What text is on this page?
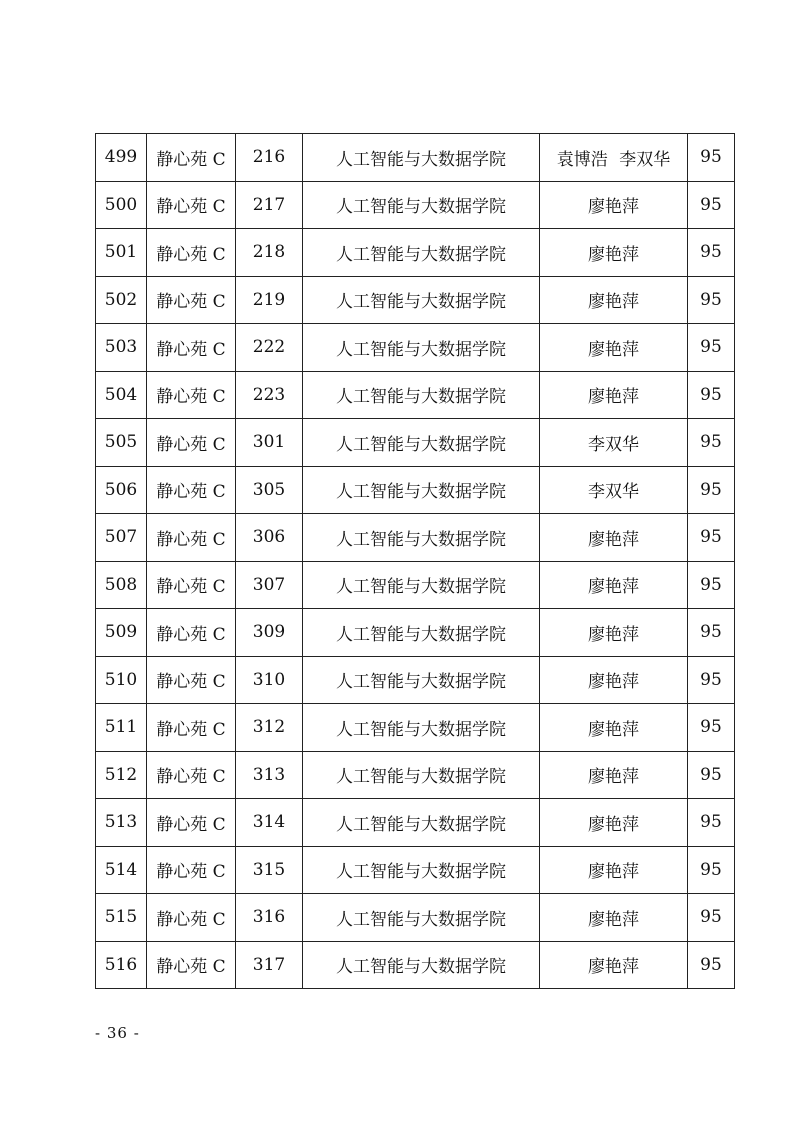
499	静心苑 C	216	人工智能与大数据学院	袁博浩 李双华	95
500	静心苑 C	217	人工智能与大数据学院	廖艳萍	95
501	静心苑 C	218	人工智能与大数据学院	廖艳萍	95
502	静心苑 C	219	人工智能与大数据学院	廖艳萍	95
503	静心苑 C	222	人工智能与大数据学院	廖艳萍	95
504	静心苑 C	223	人工智能与大数据学院	廖艳萍	95
505	静心苑 C	301	人工智能与大数据学院	李双华	95
506	静心苑 C	305	人工智能与大数据学院	李双华	95
507	静心苑 C	306	人工智能与大数据学院	廖艳萍	95
508	静心苑 C	307	人工智能与大数据学院	廖艳萍	95
509	静心苑 C	309	人工智能与大数据学院	廖艳萍	95
510	静心苑 C	310	人工智能与大数据学院	廖艳萍	95
511	静心苑 C	312	人工智能与大数据学院	廖艳萍	95
512	静心苑 C	313	人工智能与大数据学院	廖艳萍	95
513	静心苑 C	314	人工智能与大数据学院	廖艳萍	95
514	静心苑 C	315	人工智能与大数据学院	廖艳萍	95
515	静心苑 C	316	人工智能与大数据学院	廖艳萍	95
516	静心苑 C	317	人工智能与大数据学院	廖艳萍	95
- 36 -
